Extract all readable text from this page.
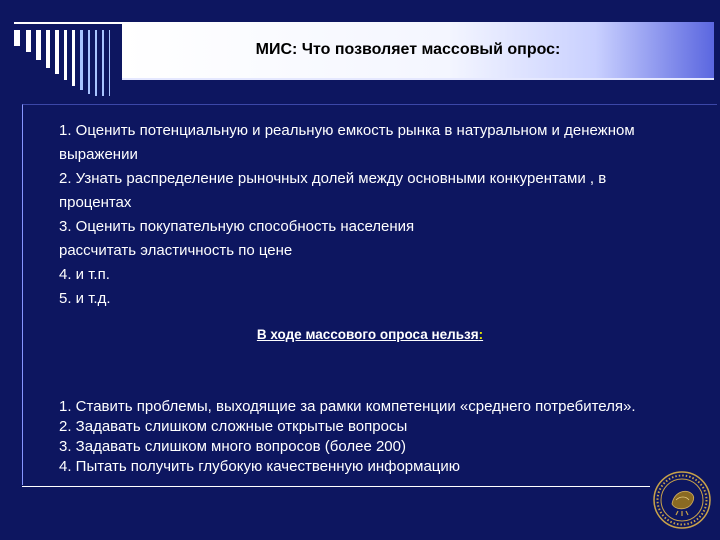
МИС: Что позволяет массовый опрос:
1. Оценить потенциальную и реальную емкость рынка в натуральном и денежном
выражении
2. Узнать распределение рыночных долей между основными конкурентами , в
процентах
3. Оценить покупательную способность населения
рассчитать эластичность по цене
4. и т.п.
5. и т.д.
В ходе массового опроса нельзя:
1. Ставить проблемы, выходящие за рамки компетенции «среднего потребителя».
2. Задавать слишком сложные открытые вопросы
3. Задавать слишком много вопросов (более 200)
4. Пытать получить глубокую качественную информацию
